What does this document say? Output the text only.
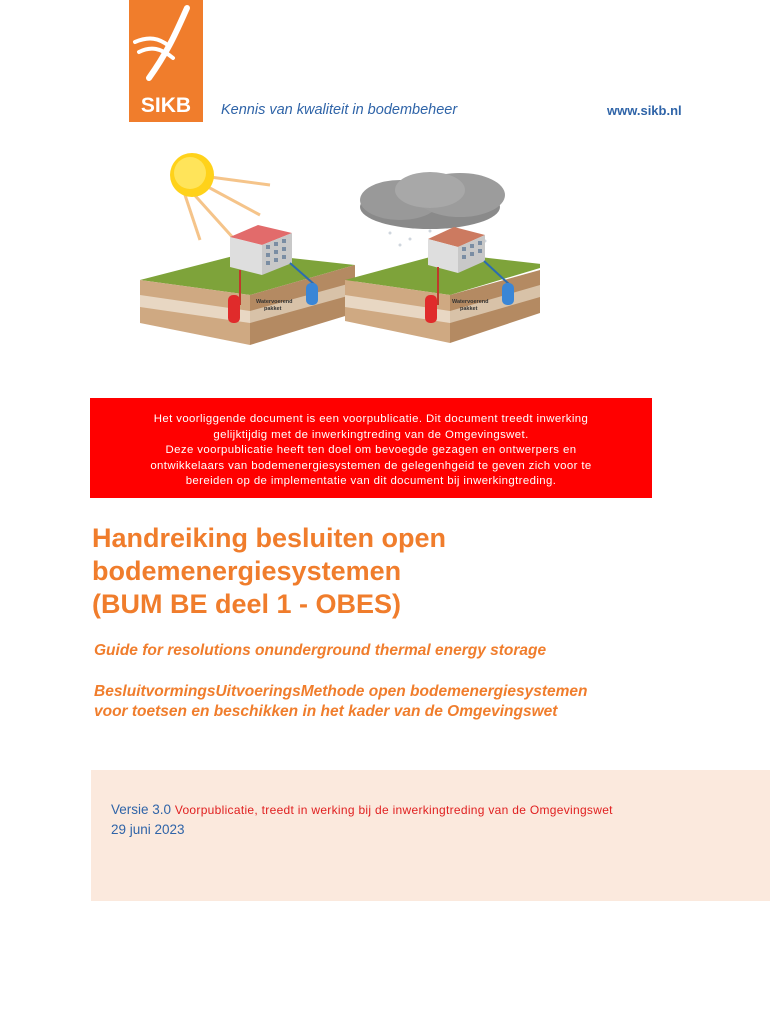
SIKB	Kennis van kwaliteit in bodembeheer	www.sikb.nl
Watervoerend
pakket
Watervoerend
pakket

Het voorliggende document is een voorpublicatie. Dit document treedt inwerking

gelijktijdig met de inwerkingtreding van de Omgevingswet.

Deze voorpublicatie heeft ten doel om bevoegde gezagen en ontwerpers en

ontwikkelaars van bodemenergiesystemen de gelegenhgeid te geven zich voor te

bereiden op de implementatie van dit document bij inwerkingtreding.

Handreiking besluiten open
bodemenergiesystemen
(BUM BE deel 1 - OBES)

Guide for resolutions onunderground thermal energy storage

BesluitvormingsUitvoeringsMethode open bodemenergiesystemen
voor toetsen en beschikken in het kader van de Omgevingswet

Versie 3.0 Voorpublicatie, treedt in werking bij de inwerkingtreding van de Omgevingswet
29 juni 2023
